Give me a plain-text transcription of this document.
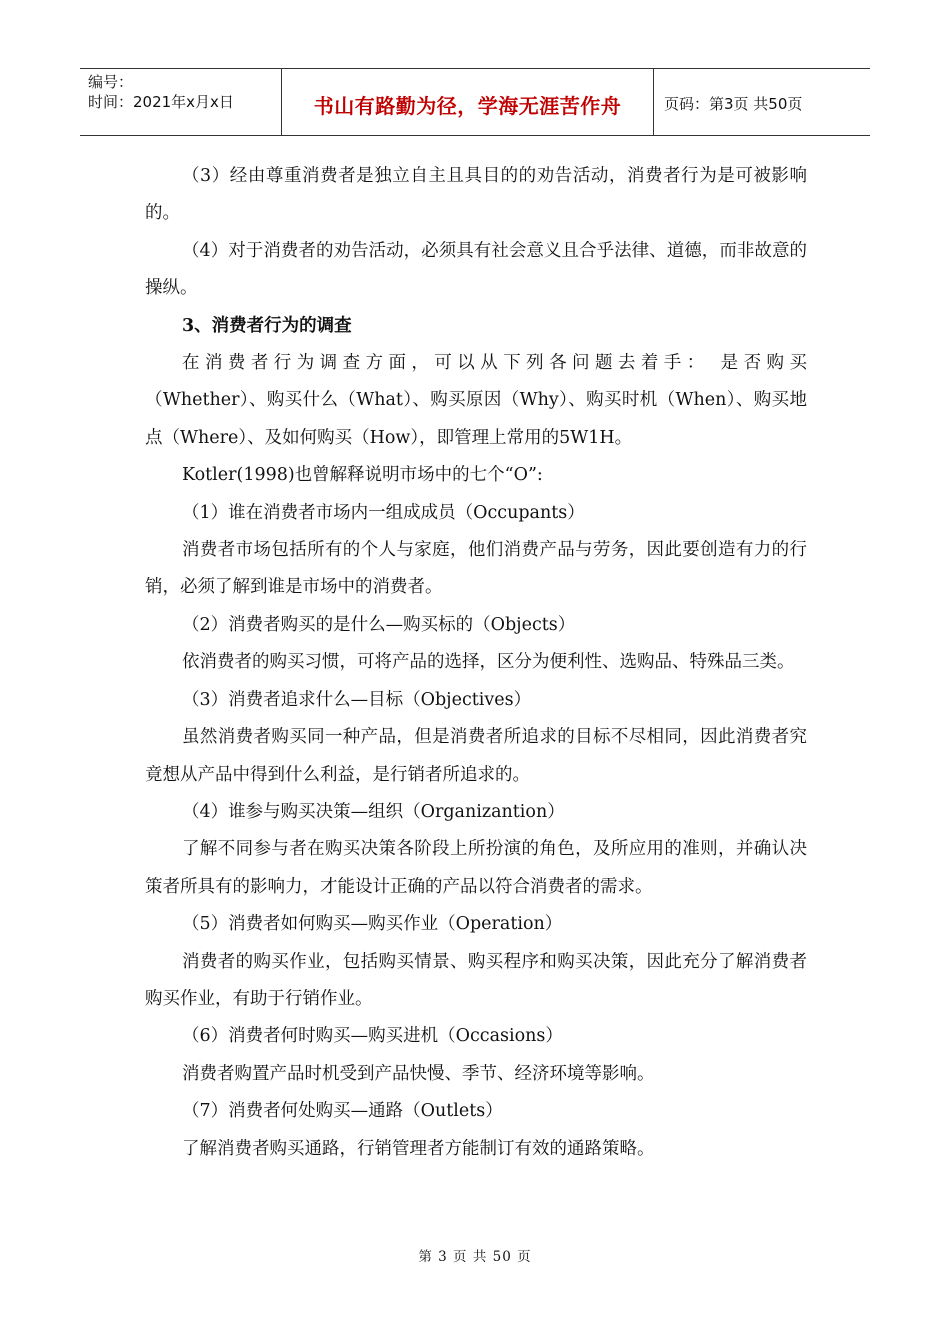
编号：
时间：2021年x月x日	书山有路勤为径，学海无涯苦作舟	页码：第3页 共50页

（3）经由尊重消费者是独立自主且具目的的劝告活动，消费者行为是可被影响的。

（4）对于消费者的劝告活动，必须具有社会意义且合乎法律、道德，而非故意的操纵。

3、消费者行为的调查

在消费者行为调查方面，可以从下列各问题去着手： 是否购买

（Whether）、购买什么（What）、购买原因（Why）、购买时机（When）、购买地点（Where）、及如何购买（How），即管理上常用的5W1H。

Kotler(1998)也曾解释说明市场中的七个“O”:

（1）谁在消费者市场内一组成成员（Occupants）

消费者市场包括所有的个人与家庭，他们消费产品与劳务，因此要创造有力的行销，必须了解到谁是市场中的消费者。

（2）消费者购买的是什么—购买标的（Objects）

依消费者的购买习惯，可将产品的选择，区分为便利性、选购品、特殊品三类。

（3）消费者追求什么—目标（Objectives）

虽然消费者购买同一种产品，但是消费者所追求的目标不尽相同，因此消费者究竟想从产品中得到什么利益，是行销者所追求的。

（4）谁参与购买决策—组织（Organizantion）

了解不同参与者在购买决策各阶段上所扮演的角色，及所应用的准则，并确认决策者所具有的影响力，才能设计正确的产品以符合消费者的需求。

（5）消费者如何购买—购买作业（Operation）

消费者的购买作业，包括购买情景、购买程序和购买决策，因此充分了解消费者购买作业，有助于行销作业。

（6）消费者何时购买—购买进机（Occasions）

消费者购置产品时机受到产品快慢、季节、经济环境等影响。

（7）消费者何处购买—通路（Outlets）

了解消费者购买通路，行销管理者方能制订有效的通路策略。

第 3 页 共 50 页
